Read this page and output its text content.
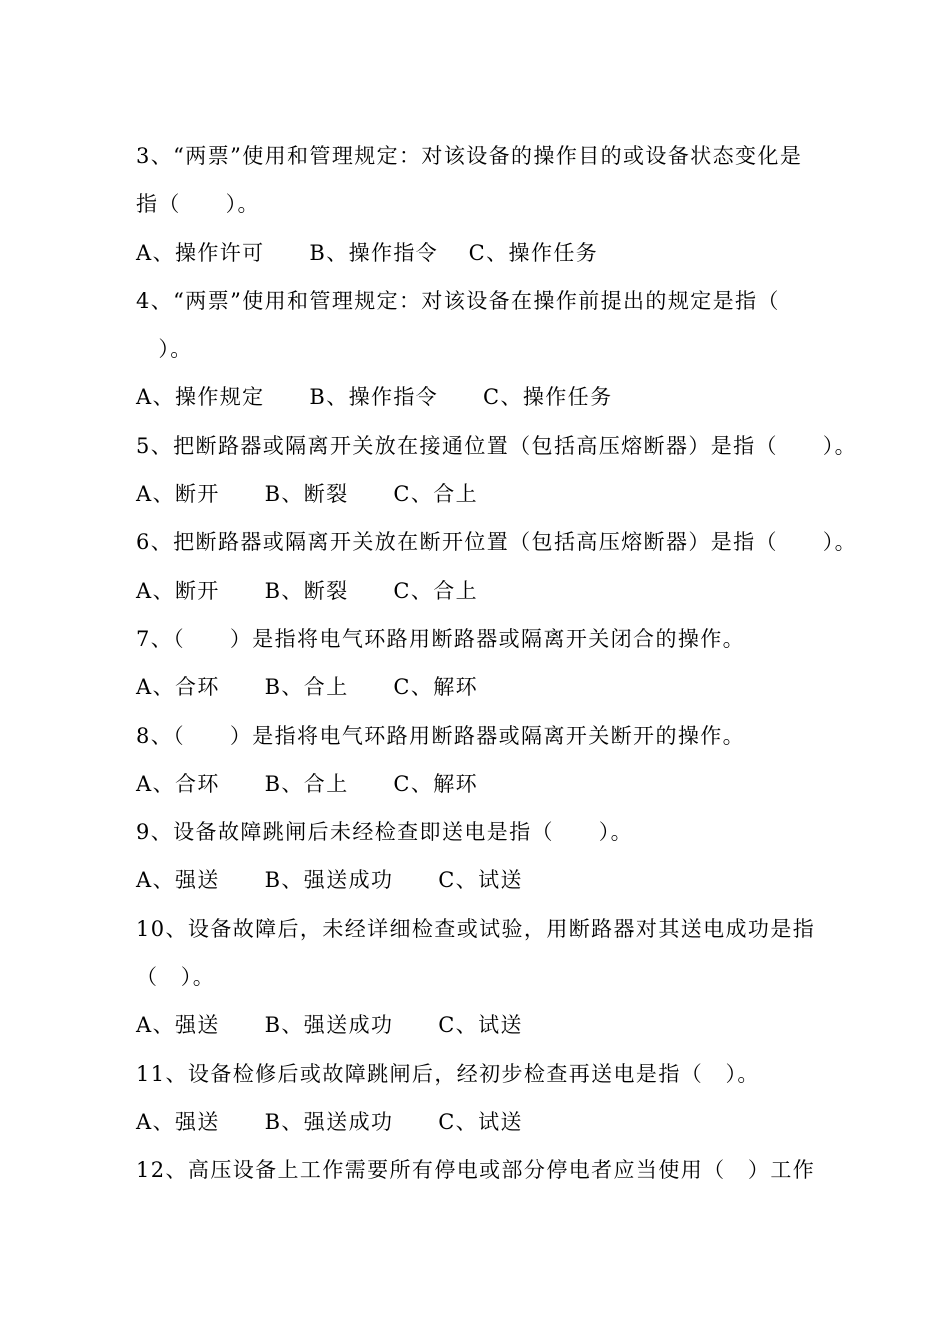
3、“两票”使用和管理规定：对该设备的操作目的或设备状态变化是
指（　　）。
A、操作许可　　B、操作指令　 C、操作任务
4、“两票”使用和管理规定：对该设备在操作前提出的规定是指（
　）。
A、操作规定　　B、操作指令　　C、操作任务
5、把断路器或隔离开关放在接通位置（包括高压熔断器）是指（　　）。
A、断开　　B、断裂　　C、合上
6、把断路器或隔离开关放在断开位置（包括高压熔断器）是指（　　）。
A、断开　　B、断裂　　C、合上
7、（　　）是指将电气环路用断路器或隔离开关闭合的操作。
A、合环　　B、合上　　C、解环
8、（　　）是指将电气环路用断路器或隔离开关断开的操作。
A、合环　　B、合上　　C、解环
9、设备故障跳闸后未经检查即送电是指（　　）。
A、强送　　B、强送成功　　C、试送
10、设备故障后，未经详细检查或试验，用断路器对其送电成功是指
（　）。
A、强送　　B、强送成功　　C、试送
11、设备检修后或故障跳闸后，经初步检查再送电是指（　）。
A、强送　　B、强送成功　　C、试送
12、高压设备上工作需要所有停电或部分停电者应当使用（　）工作
